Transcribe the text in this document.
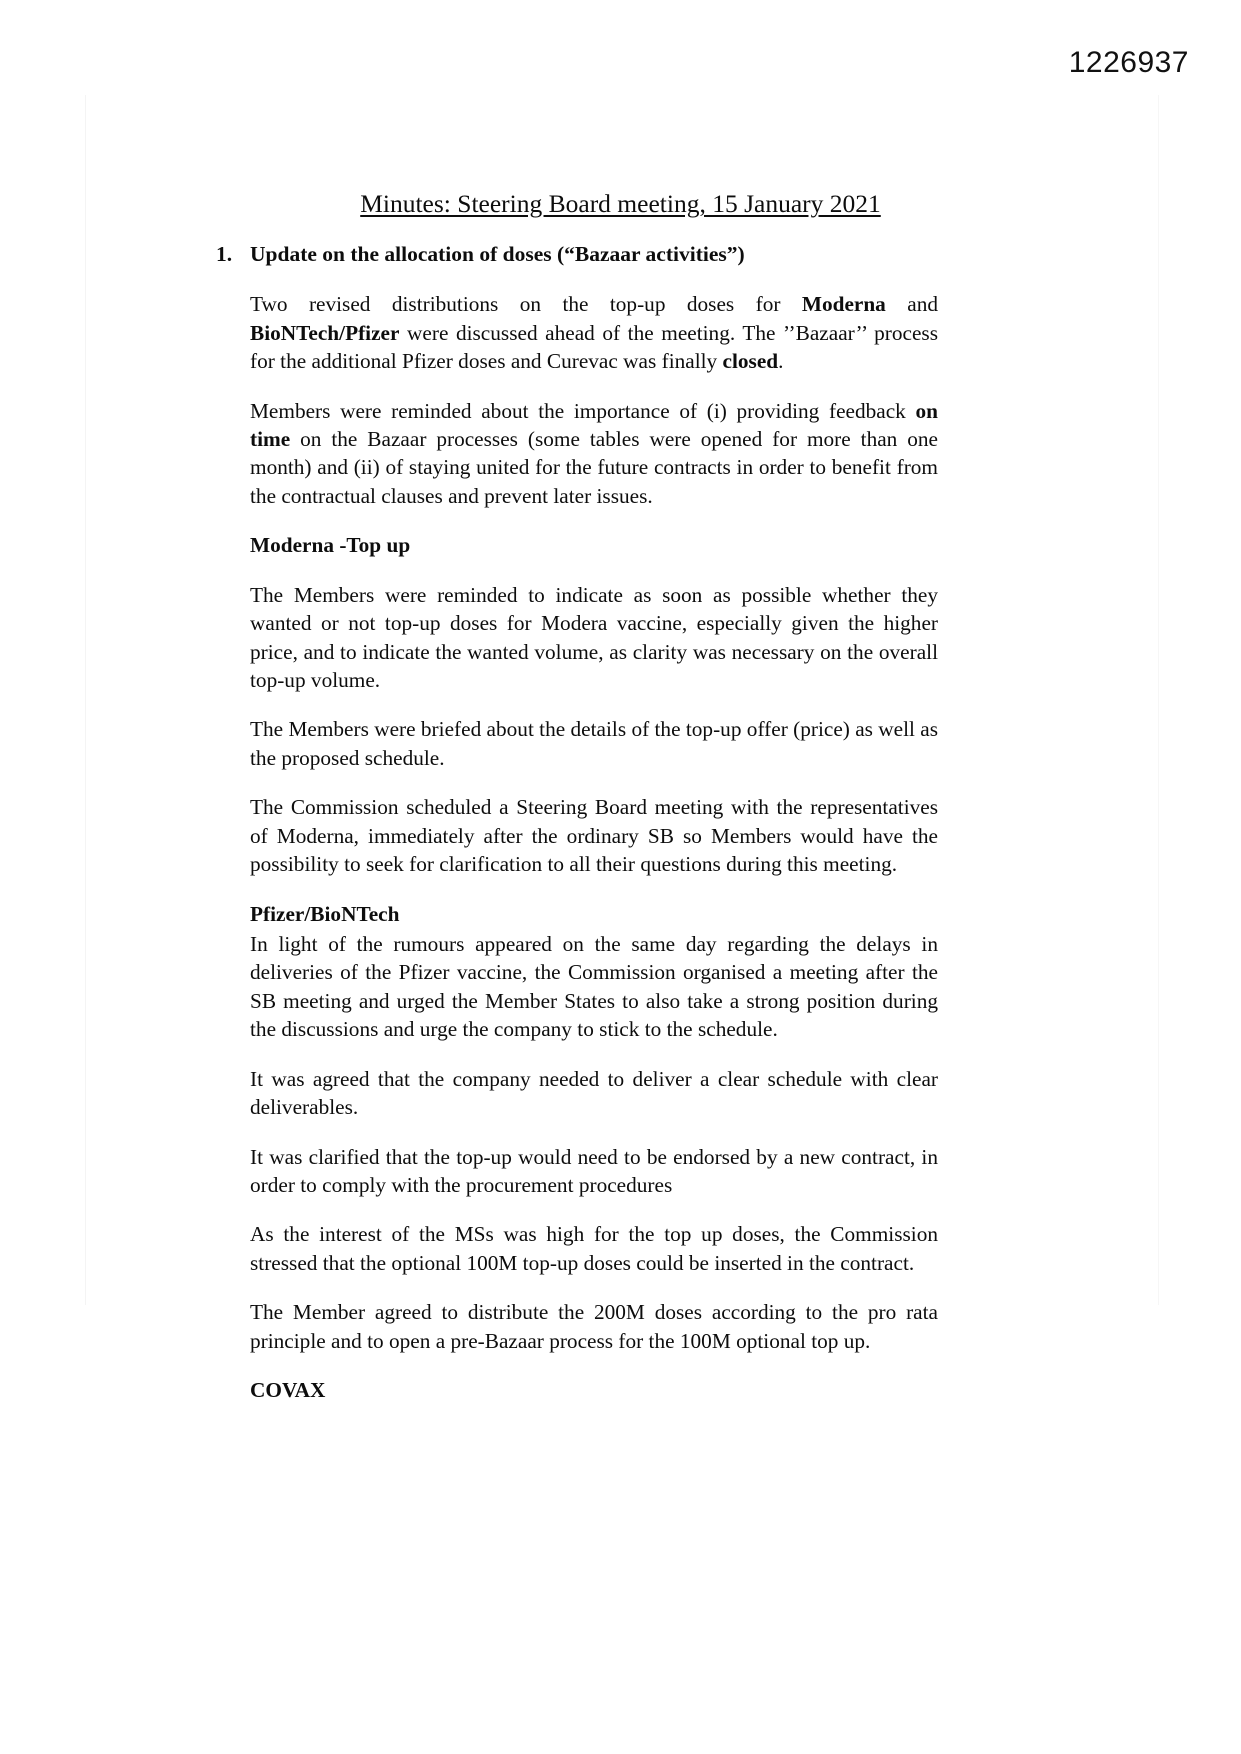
1226937
Minutes: Steering Board meeting, 15 January 2021
1. Update on the allocation of doses (“Bazaar activities”)

Two revised distributions on the top-up doses for Moderna and BioNTech/Pfizer were discussed ahead of the meeting. The ’’Bazaar’’ process for the additional Pfizer doses and Curevac was finally closed.

Members were reminded about the importance of (i) providing feedback on time on the Bazaar processes (some tables were opened for more than one month) and (ii) of staying united for the future contracts in order to benefit from the contractual clauses and prevent later issues.

Moderna -Top up

The Members were reminded to indicate as soon as possible whether they wanted or not top-up doses for Modera vaccine, especially given the higher price, and to indicate the wanted volume, as clarity was necessary on the overall top-up volume.

The Members were briefed about the details of the top-up offer (price) as well as the proposed schedule.

The Commission scheduled a Steering Board meeting with the representatives of Moderna, immediately after the ordinary SB so Members would have the possibility to seek for clarification to all their questions during this meeting.

Pfizer/BioNTech

In light of the rumours appeared on the same day regarding the delays in deliveries of the Pfizer vaccine, the Commission organised a meeting after the SB meeting and urged the Member States to also take a strong position during the discussions and urge the company to stick to the schedule.

It was agreed that the company needed to deliver a clear schedule with clear deliverables.

It was clarified that the top-up would need to be endorsed by a new contract, in order to comply with the procurement procedures

As the interest of the MSs was high for the top up doses, the Commission stressed that the optional 100M top-up doses could be inserted in the contract.

The Member agreed to distribute the 200M doses according to the pro rata principle and to open a pre-Bazaar process for the 100M optional top up.

COVAX
